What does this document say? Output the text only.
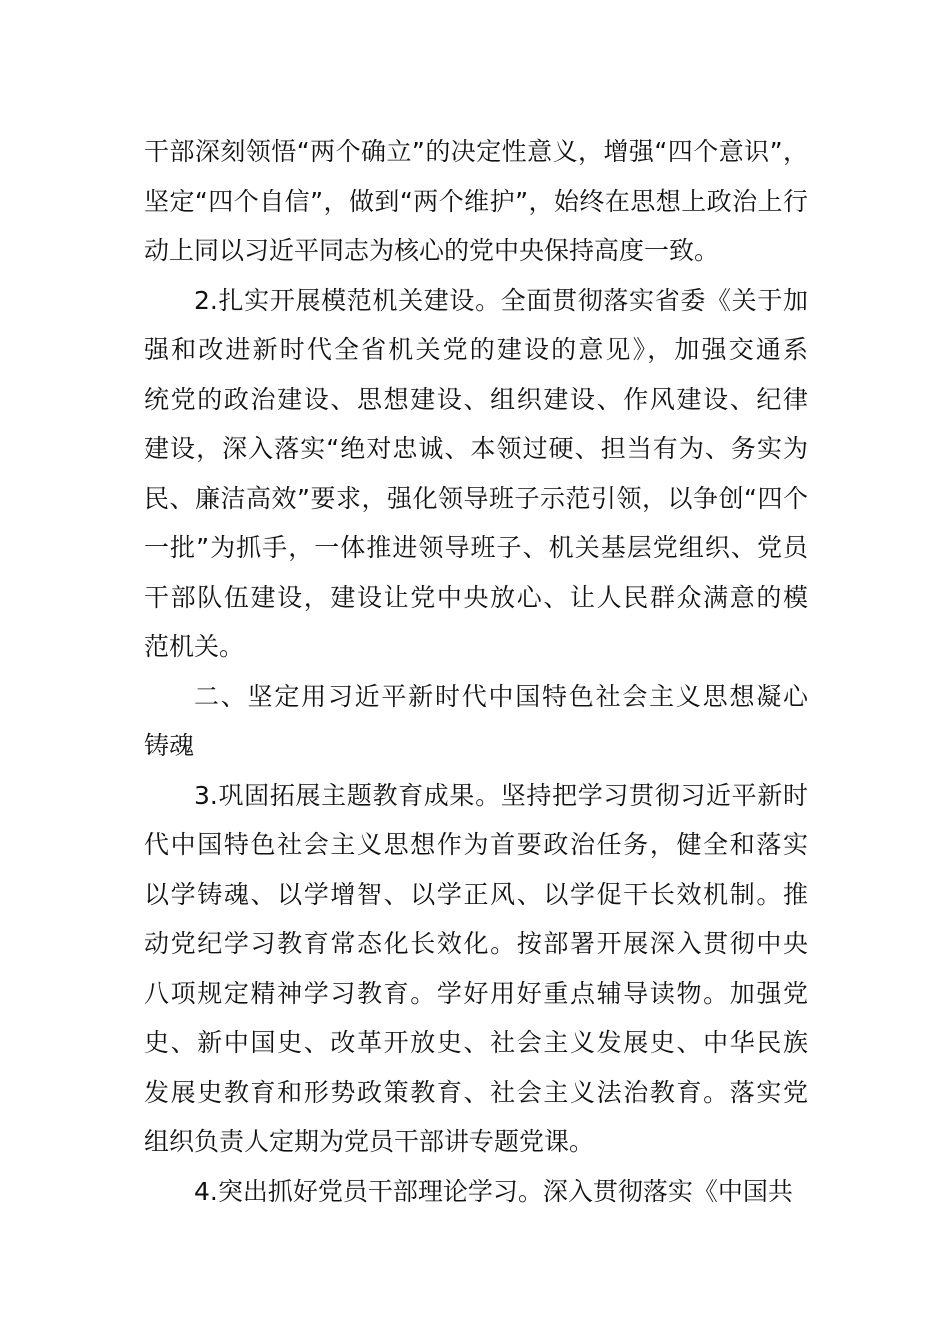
干部深刻领悟“两个确立”的决定性意义，增强“四个意识”，
坚定“四个自信”，做到“两个维护”，始终在思想上政治上行
动上同以习近平同志为核心的党中央保持高度一致。
2.扎实开展模范机关建设。全面贯彻落实省委《关于加
强和改进新时代全省机关党的建设的意见》，加强交通系
统党的政治建设、思想建设、组织建设、作风建设、纪律
建设，深入落实“绝对忠诚、本领过硬、担当有为、务实为
民、廉洁高效”要求，强化领导班子示范引领，以争创“四个
一批”为抓手，一体推进领导班子、机关基层党组织、党员
干部队伍建设，建设让党中央放心、让人民群众满意的模
范机关。
二、坚定用习近平新时代中国特色社会主义思想凝心
铸魂
3.巩固拓展主题教育成果。坚持把学习贯彻习近平新时
代中国特色社会主义思想作为首要政治任务，健全和落实
以学铸魂、以学增智、以学正风、以学促干长效机制。推
动党纪学习教育常态化长效化。按部署开展深入贯彻中央
八项规定精神学习教育。学好用好重点辅导读物。加强党
史、新中国史、改革开放史、社会主义发展史、中华民族
发展史教育和形势政策教育、社会主义法治教育。落实党
组织负责人定期为党员干部讲专题党课。
4.突出抓好党员干部理论学习。深入贯彻落实《中国共
